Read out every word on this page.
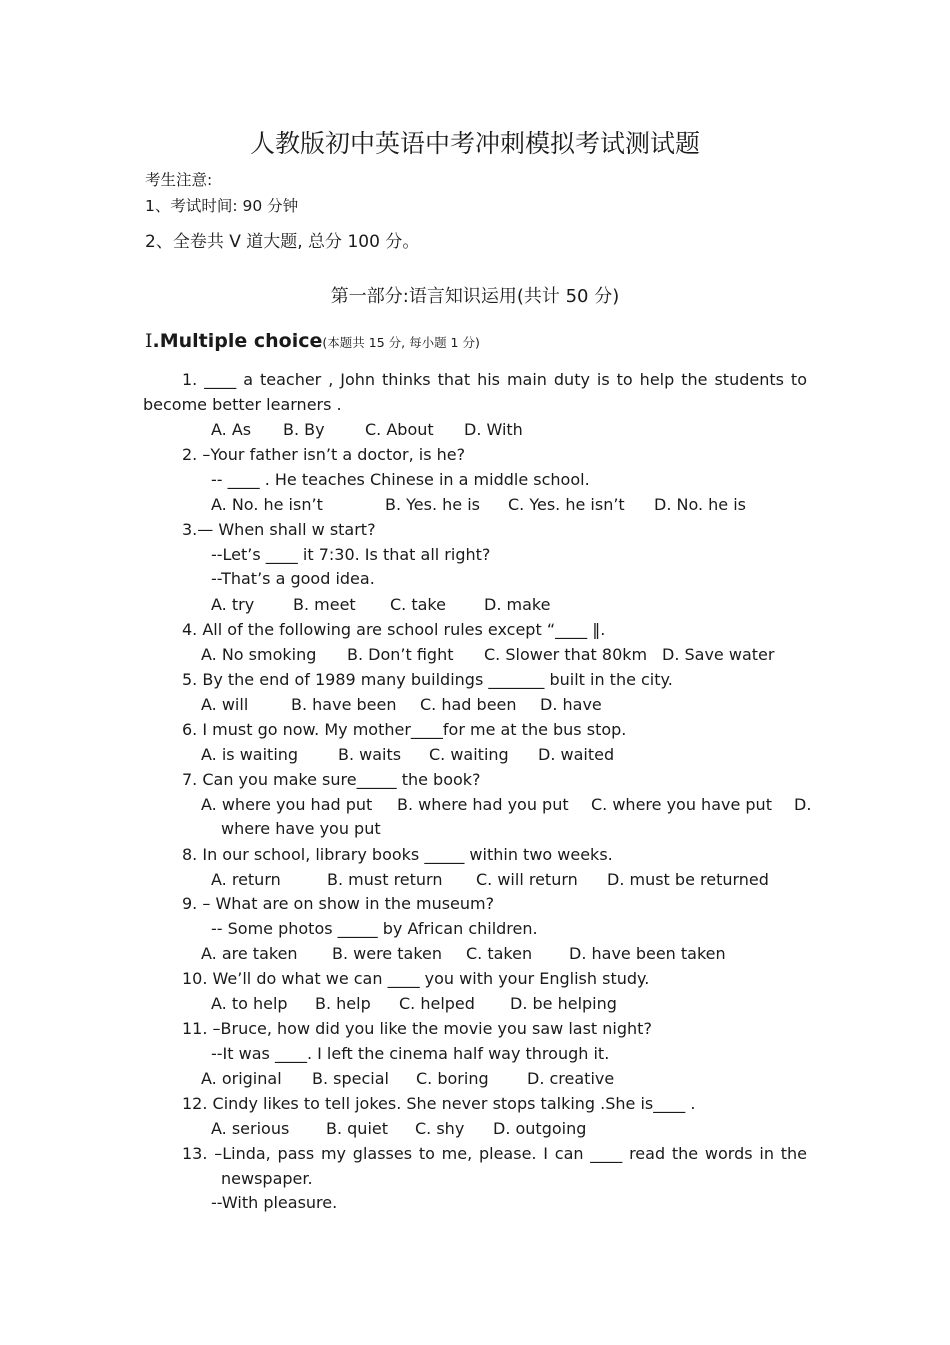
人教版初中英语中考冲刺模拟考试测试题
考生注意:
1、考试时间: 90 分钟
2、全卷共 V 道大题, 总分 100 分。
第一部分:语言知识运用(共计 50 分)
Ⅰ.Multiple choice(本题共 15 分, 每小题 1 分)
1. ____ a teacher , John thinks that his main duty is to help the students to
become better learners .
A. As B. By	C. About D. With
2. –Your father isn’t a doctor, is he?
-- ____ . He teaches Chinese in a middle school.
A. No. he isn’t	B. Yes. he is C. Yes. he isn’t D. No. he is
3.— When shall w start?
--Let’s ____ it 7:30. Is that all right?
--That’s a good idea.
A. try B. meet C. take D. make
4. All of the following are school rules except “____ ‖.
A. No smoking B. Don’t fight C. Slower that 80km D. Save water
5. By the end of 1989 many buildings _______ built in the city.
A. will	B. have been C. had been D. have
6. I must go now. My mother____for me at the bus stop.
A. is waiting B. waits C. waiting D. waited
7. Can you make sure_____ the book?
A. where you had put B. where had you put C. where you have put D.
where have you put
8. In our school, library books _____ within two weeks.
A. return	B. must return C. will return D. must be returned
9. – What are on show in the museum?
-- Some photos _____ by African children.
A. are taken B. were taken C. taken D. have been taken
10. We’ll do what we can ____ you with your English study.
A. to help B. help C. helped D. be helping
11. –Bruce, how did you like the movie you saw last night?
--It was ____. I left the cinema half way through it.
A. original B. special C. boring D. creative
12. Cindy likes to tell jokes. She never stops talking .She is____ .
A. serious B. quiet C. shy D. outgoing
13. –Linda, pass my glasses to me, please. I can ____ read the words in the
newspaper.
--With pleasure.
